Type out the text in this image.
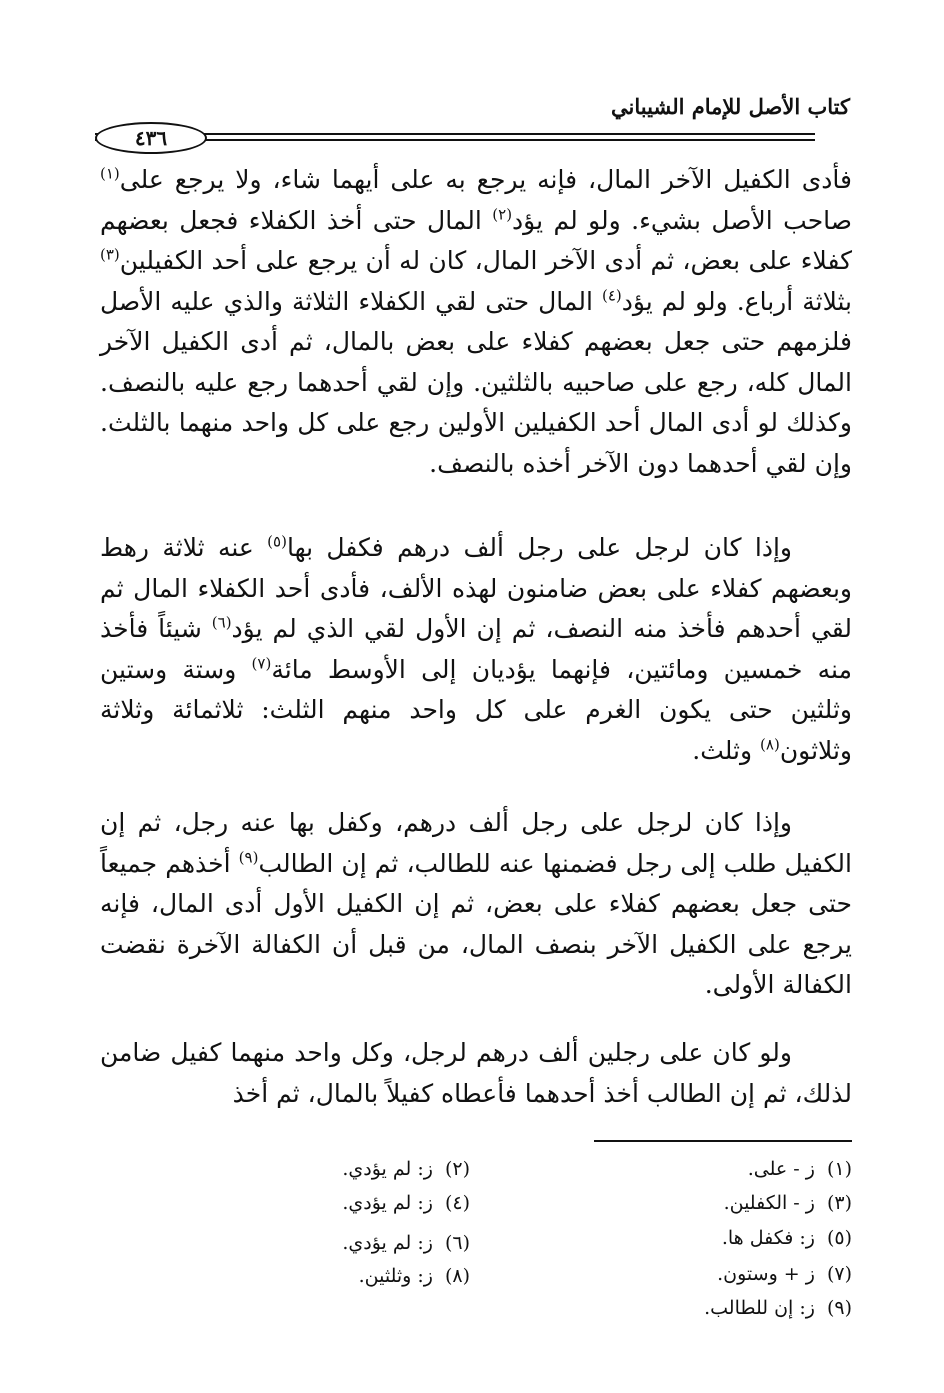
كتاب الأصل للإمام الشيباني
٤٣٦
فأدى الكفيل الآخر المال، فإنه يرجع به على أيهما شاء، ولا يرجع على$^{(١)}$ صاحب الأصل بشيء. ولو لم يؤد$^{(٢)}$ المال حتى أخذ الكفلاء فجعل بعضهم كفلاء على بعض، ثم أدى الآخر المال، كان له أن يرجع على أحد الكفيلين$^{(٣)}$ بثلاثة أرباع. ولو لم يؤد$^{(٤)}$ المال حتى لقي الكفلاء الثلاثة والذي عليه الأصل فلزمهم حتى جعل بعضهم كفلاء على بعض بالمال، ثم أدى الكفيل الآخر المال كله، رجع على صاحبيه بالثلثين. وإن لقي أحدهما رجع عليه بالنصف. وكذلك لو أدى المال أحد الكفيلين الأولين رجع على كل واحد منهما بالثلث. وإن لقي أحدهما دون الآخر أخذه بالنصف.
وإذا كان لرجل على رجل ألف درهم فكفل بها$^{(٥)}$ عنه ثلاثة رهط وبعضهم كفلاء على بعض ضامنون لهذه الألف، فأدى أحد الكفلاء المال ثم لقي أحدهم فأخذ منه النصف، ثم إن الأول لقي الذي لم يؤد$^{(٦)}$ شيئاً فأخذ منه خمسين ومائتين، فإنهما يؤديان إلى الأوسط مائة$^{(٧)}$ وستة وستين وثلثين حتى يكون الغرم على كل واحد منهم الثلث: ثلاثمائة وثلاثة وثلاثون$^{(٨)}$ وثلث.
وإذا كان لرجل على رجل ألف درهم، وكفل بها عنه رجل، ثم إن الكفيل طلب إلى رجل فضمنها عنه للطالب، ثم إن الطالب$^{(٩)}$ أخذهم جميعاً حتى جعل بعضهم كفلاء على بعض، ثم إن الكفيل الأول أدى المال، فإنه يرجع على الكفيل الآخر بنصف المال، من قبل أن الكفالة الآخرة نقضت الكفالة الأولى.
ولو كان على رجلين ألف درهم لرجل، وكل واحد منهما كفيل ضامن لذلك، ثم إن الطالب أخذ أحدهما فأعطاه كفيلاً بالمال، ثم أخذ
(١)ز - على.
(٢)ز: لم يؤدي.
(٣)ز - الكفلين.
(٤)ز: لم يؤدي.
(٥)ز: فكفل ها.
(٦)ز: لم يؤدي.
(٧)ز + وستون.
(٨)ز: وثلثين.
(٩)ز: إن للطالب.
